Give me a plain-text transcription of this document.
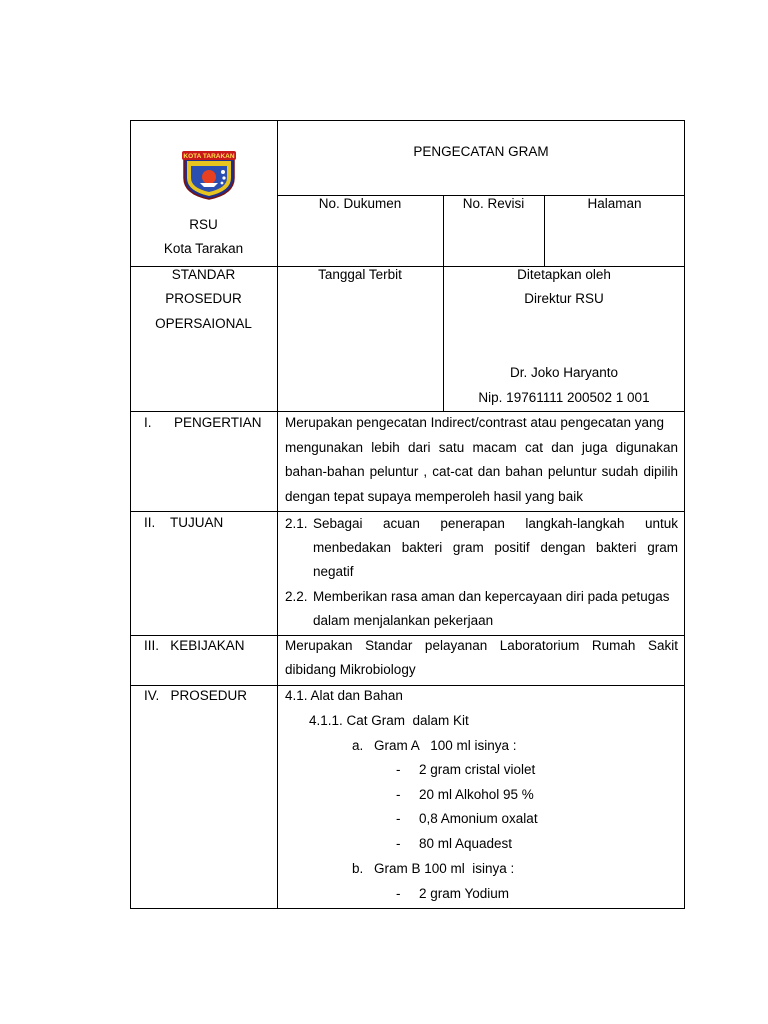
KOTA TARAKAN
RSU
Kota Tarakan
PENGECATAN GRAM
No. Dukumen	No. Revisi	Halaman
STANDAR
PROSEDUR
OPERSAIONAL
Tanggal Terbit	Ditetapkan oleh
Direktur RSU
Dr. Joko Haryanto
Nip. 19761111 200502 1 001
I.      PENGERTIAN Merupakan pengecatan Indirect/contrast atau pengecatan yang
mengunakan lebih dari satu macam cat dan juga digunakan
bahan-bahan peluntur , cat-cat dan bahan peluntur sudah dipilih
dengan tepat supaya memperoleh hasil yang baik
II.    TUJUAN	2.1. Sebagai acuan penerapan langkah-langkah untuk
menbedakan bakteri gram positif dengan bakteri gram
negatif
2.2. Memberikan rasa aman dan kepercayaan diri pada petugas
dalam menjalankan pekerjaan
III.   KEBIJAKAN	Merupakan Standar pelayanan Laboratorium Rumah Sakit
dibidang Mikrobiology
IV.   PROSEDUR	4.1. Alat dan Bahan
4.1.1. Cat Gram  dalam Kit
a. Gram A   100 ml isinya :
- 2 gram cristal violet
- 20 ml Alkohol 95 %
- 0,8 Amonium oxalat
- 80 ml Aquadest
b. Gram B 100 ml  isinya :
- 2 gram Yodium
